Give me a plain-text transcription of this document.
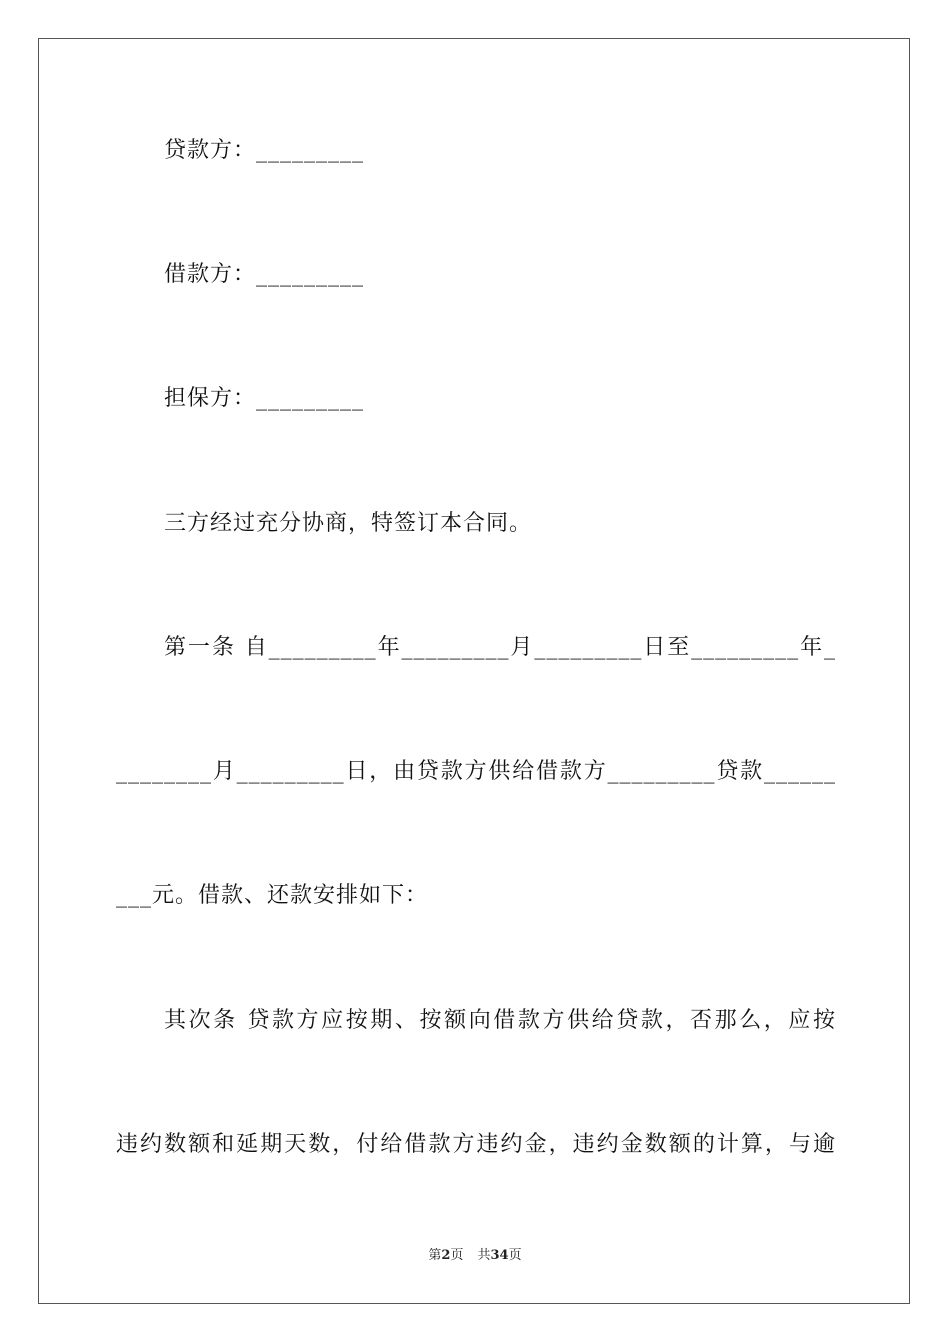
贷款方：_________
借款方：_________
担保方：_________
三方经过充分协商，特签订本合同。
第一条 自_________年_________月_________日至_________年_
________月_________日，由贷款方供给借款方_________贷款______
___元。借款、还款安排如下：
其次条 贷款方应按期、按额向借款方供给贷款，否那么，应按
违约数额和延期天数，付给借款方违约金，违约金数额的计算，与逾
第2页 共34页
